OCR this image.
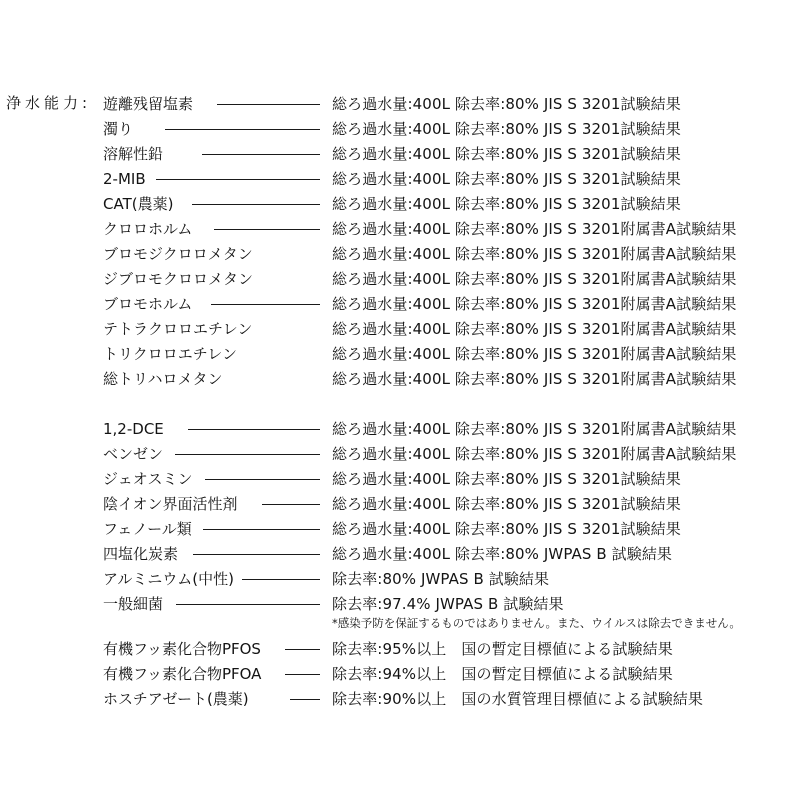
浄水能力: 遊離残留塩素	総ろ過水量:400L 除去率:80% JIS S 3201試験結果
濁り	総ろ過水量:400L 除去率:80% JIS S 3201試験結果
溶解性鉛	総ろ過水量:400L 除去率:80% JIS S 3201試験結果
2-MIB	総ろ過水量:400L 除去率:80% JIS S 3201試験結果
CAT(農薬)	総ろ過水量:400L 除去率:80% JIS S 3201試験結果
クロロホルム	総ろ過水量:400L 除去率:80% JIS S 3201附属書A試験結果
ブロモジクロロメタン	総ろ過水量:400L 除去率:80% JIS S 3201附属書A試験結果
ジブロモクロロメタン	総ろ過水量:400L 除去率:80% JIS S 3201附属書A試験結果
ブロモホルム	総ろ過水量:400L 除去率:80% JIS S 3201附属書A試験結果
テトラクロロエチレン	総ろ過水量:400L 除去率:80% JIS S 3201附属書A試験結果
トリクロロエチレン	総ろ過水量:400L 除去率:80% JIS S 3201附属書A試験結果
総トリハロメタン	総ろ過水量:400L 除去率:80% JIS S 3201附属書A試験結果
1,2-DCE	総ろ過水量:400L 除去率:80% JIS S 3201附属書A試験結果
ベンゼン	総ろ過水量:400L 除去率:80% JIS S 3201附属書A試験結果
ジェオスミン	総ろ過水量:400L 除去率:80% JIS S 3201試験結果
陰イオン界面活性剤	総ろ過水量:400L 除去率:80% JIS S 3201試験結果
フェノール類	総ろ過水量:400L 除去率:80% JIS S 3201試験結果
四塩化炭素	総ろ過水量:400L 除去率:80% JWPAS B 試験結果
アルミニウム(中性)	除去率:80% JWPAS B 試験結果
一般細菌	除去率:97.4% JWPAS B 試験結果
有機フッ素化合物PFOS	除去率:95%以上　国の暫定目標値による試験結果
有機フッ素化合物PFOA	除去率:94%以上　国の暫定目標値による試験結果
ホスチアゼート(農薬)	除去率:90%以上　国の水質管理目標値による試験結果
*感染予防を保証するものではありません。また、ウイルスは除去できません。
